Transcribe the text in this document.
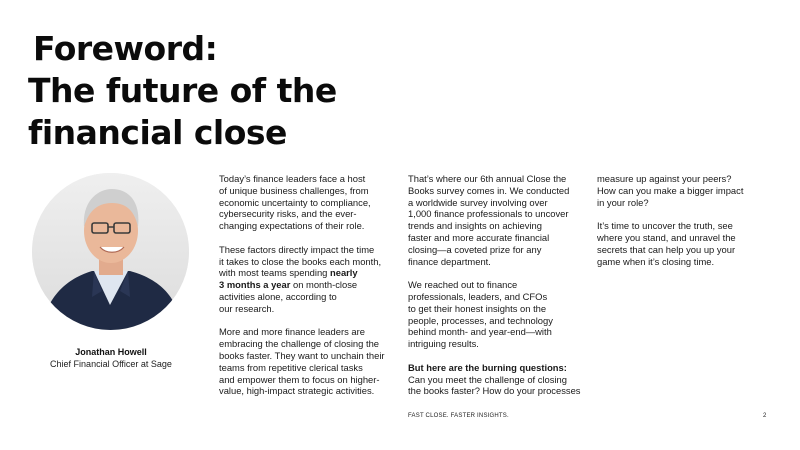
Foreword:
The future of the
financial close
Jonathan Howell
Chief Financial Officer at Sage

Today’s finance leaders face a host
of unique business challenges, from
economic uncertainty to compliance,
cybersecurity risks, and the ever-
changing expectations of their role.

These factors directly impact the time
it takes to close the books each month,
with most teams spending nearly
3 months a year on month-close
activities alone, according to
our research.

More and more finance leaders are
embracing the challenge of closing the
books faster. They want to unchain their
teams from repetitive clerical tasks
and empower them to focus on higher-
value, high-impact strategic activities.

That’s where our 6th annual Close the
Books survey comes in. We conducted
a worldwide survey involving over
1,000 finance professionals to uncover
trends and insights on achieving
faster and more accurate financial
closing—a coveted prize for any
finance department.

We reached out to finance
professionals, leaders, and CFOs
to get their honest insights on the
people, processes, and technology
behind month- and year-end—with
intriguing results.

But here are the burning questions:
Can you meet the challenge of closing
the books faster? How do your processes

measure up against your peers?
How can you make a bigger impact
in your role?

It’s time to uncover the truth, see
where you stand, and unravel the
secrets that can help you up your
game when it’s closing time.

FAST CLOSE. FASTER INSIGHTS.	2
